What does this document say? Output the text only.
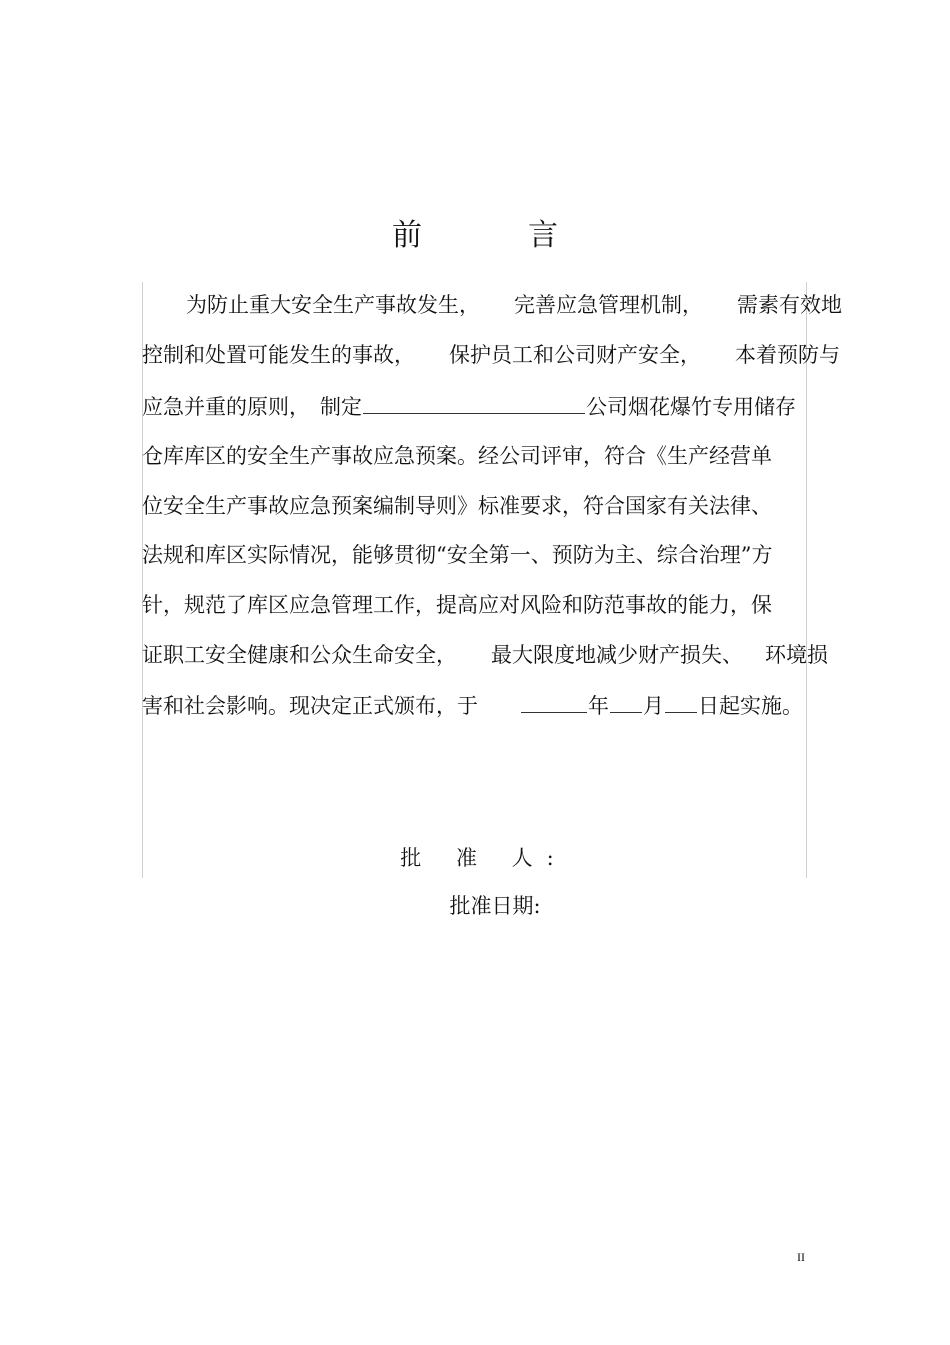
前　言
为防止重大安全生产事故发生， 完善应急管理机制， 需素有效地
控制和处置可能发生的事故， 保护员工和公司财产安全， 本着预防与
应急并重的原则， 制定	公司烟花爆竹专用储存
仓库库区的安全生产事故应急预案。经公司评审，符合《生产经营单
位安全生产事故应急预案编制导则》标准要求，符合国家有关法律、
法规和库区实际情况，能够贯彻“安全第一、预防为主、综合治理”方
针，规范了库区应急管理工作，提高应对风险和防范事故的能力，保
证职工安全健康和公众生命安全， 最大限度地减少财产损失、 环境损
害和社会影响。现决定正式颁布，于	年 月 日起实施。
批 准 人:
批准日期:
II
